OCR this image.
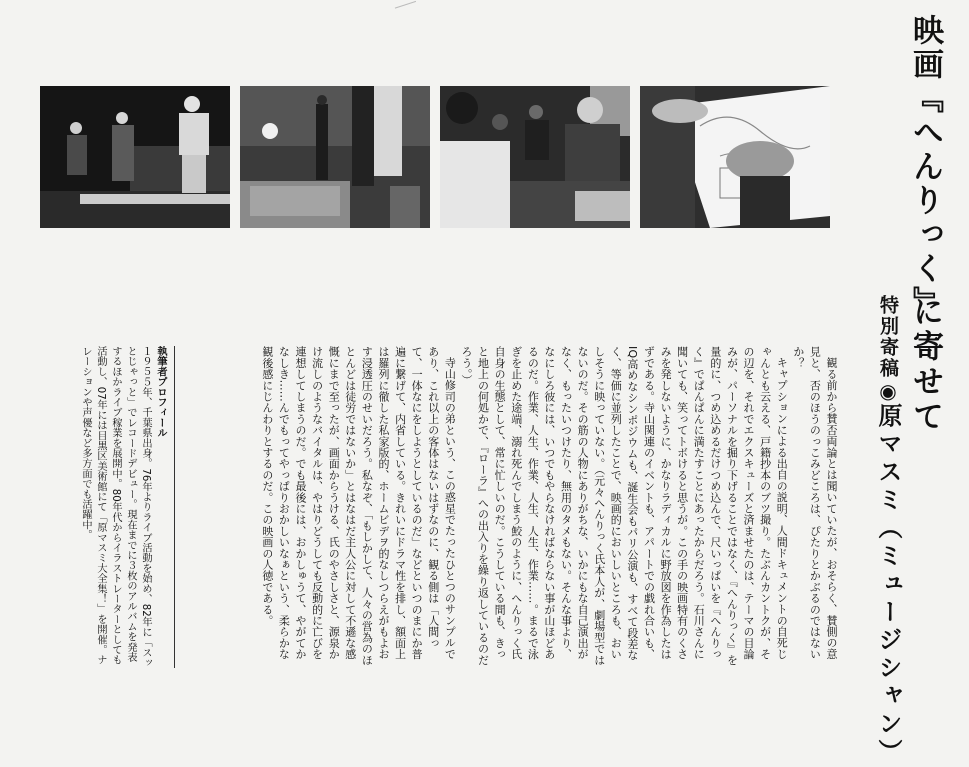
映画『へんりっく』
特別寄稿◉原マスミ（ミュージシャン）
に寄せて

観る前から賛否両論とは聞いていたが、おそらく、賛側の意見と、否のほうのっこみどころは、ぴたりとかぶるのではないか？

キャプションによる出自の説明、人間ドキュメントの自死じゃんとも云える、戸籍抄本のブツ撮り。たぶんカントクが、その辺を、それでエクスキューズと済ませたのは、テーマの目論みが、パーソナルを掘り下げることではなく、『へんりっく』を量的に、つめ込めるだけつめ込んで、尺いっぱいを『へんりっく』でぱんぱんに満たすことにあったからだろう。石川さんに聞いても、笑ってトボけると思うが。この手の映画特有のくさみを発しないように、かなりラディカルに野放図を作為したはずである。寺山関連のイベントも、アパートでの戯れ合いも、IQ高めなシンポジウムも、誕生会もパリ公演も、すべて段差なく、等価に並列したことで、映画的においしいところも、おいしそうに映っていない。（元々へんりっく氏本人が、劇場型ではないのだ。その筋の人物にありがちな、いかにもな自己演出がなく、もったいつけたり、無用のタメもない。そんな事より、なにしろ彼には、いつでもやらなければならない事が山ほどあるのだ。作業、人生、作業、人生、人生、作業……。まるで泳ぎを止めた途端、溺れ死んでしまう鮫のように、へんりっく氏自身の生態として、常に忙しいのだ。こうしている間も、きっと地上の何処かで、『ローラ』への出入りを繰り返しているのだろう。）

寺山修司の弟という、この惑星でたったひとつのサンプルであり、これ以上の客体はないはずなのに、観る側は「人間って、一体なにをしようとしているのだ」などといつのまにか普遍に繋げて、内省している。きれいにドラマ性を排し、額面上は羅列に徹した私家版的、ホームビデヲ的なしつらえがもよおす浸透圧のせいだろう。私なぞ、「もしかして、人々の営為のほとんどは徒労ではないか」とはなはだ主人公に対して不遜な感慨にまで至ったが、画面からうける、氏のやさしさと、源泉かけ流しのようなバイタルは、やはりどうしても反動的に亡びを連想してしまうのだ。でも最後には、おかしゅうて、やがてかなしき……んでもってやっぱりおかしいなぁという、柔らかな観後感にじんわりとするのだ。この映画の人徳である。

執筆者プロフィール
１９５５年、千葉県出身。76年よりライブ活動を始め、82年に「スッとじゃっと」でレコードデビュー。現在までに３枚のアルバムを発表するほかライブ稼業を展開中。80年代からイラストレーターとしても活動し、07年には目黒区美術館にて「原マスミ大全集！」を開催。ナレーションや声優など多方面でも活躍中。
